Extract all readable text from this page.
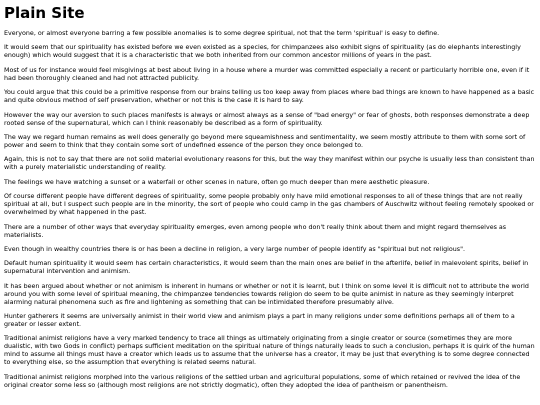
Plain Site

Everyone, or almost everyone barring a few possible anomalies is to some degree spiritual, not that the term 'spiritual' is easy to define.

It would seem that our spirituality has existed before we even existed as a species, for chimpanzees also exhibit signs of spirituality (as do elephants interestingly enough) which would suggest that it is a characteristic that we both inherited from our common ancestor millions of years in the past.

Most of us for instance would feel misgivings at best about living in a house where a murder was committed especially a recent or particularly horrible one, even if it had been thoroughly cleaned and had not attracted publicity.

You could argue that this could be a primitive response from our brains telling us too keep away from places where bad things are known to have happened as a basic and quite obvious method of self preservation, whether or not this is the case it is hard to say.

However the way our aversion to such places manifests is always or almost always as a sense of "bad energy" or fear of ghosts, both responses demonstrate a deep rooted sense of the supernatural, which can I think reasonably be described as a form of spirituality.

The way we regard human remains as well does generally go beyond mere squeamishness and sentimentality, we seem mostly attribute to them with some sort of power and seem to think that they contain some sort of undefined essence of the person they once belonged to.

Again, this is not to say that there are not solid material evolutionary reasons for this, but the way they manifest within our psyche is usually less than consistent than with a purely materialistic understanding of reality.

The feelings we have watching a sunset or a waterfall or other scenes in nature, often go much deeper than mere aesthetic pleasure.

Of course different people have different degrees of spirituality, some people probably only have mild emotional responses to all of these things that are not really spiritual at all, but I suspect such people are in the minority, the sort of people who could camp in the gas chambers of Auschwitz without feeling remotely spooked or overwhelmed by what happened in the past.

There are a number of other ways that everyday spirituality emerges, even among people who don't really think about them and might regard themselves as materialists.

Even though in wealthy countries there is or has been a decline in religion, a very large number of people identify as "spiritual but not religious".

Default human spirituality it would seem has certain characteristics, it would seem than the main ones are belief in the afterlife, belief in malevolent spirits, belief in supernatural intervention and animism.

It has been argued about whether or not animism is inherent in humans or whether or not it is learnt, but I think on some level it is difficult not to attribute the world around you with some level of spiritual meaning, the chimpanzee tendencies towards religion do seem to be quite animist in nature as they seemingly interpret alarming natural phenomena such as fire and lightening as something that can be intimidated therefore presumably alive.

Hunter gatherers it seems are universally animist in their world view and animism plays a part in many religions under some definitions perhaps all of them to a greater or lesser extent.

Traditional animist religions have a very marked tendency to trace all things as ultimately originating from a single creator or source (sometimes they are more dualistic, with two Gods in conflict) perhaps sufficient meditation on the spiritual nature of things naturally leads to such a conclusion, perhaps it is quirk of the human mind to assume all things must have a creator which leads us to assume that the universe has a creator, it may be just that everything is to some degree connected to everything else, so the assumption that everything is related seems natural.

Traditional animist religions morphed into the various religions of the settled urban and agricultural populations, some of which retained or revived the idea of the original creator some less so (although most religions are not strictly dogmatic), often they adopted the idea of pantheism or panentheism.
